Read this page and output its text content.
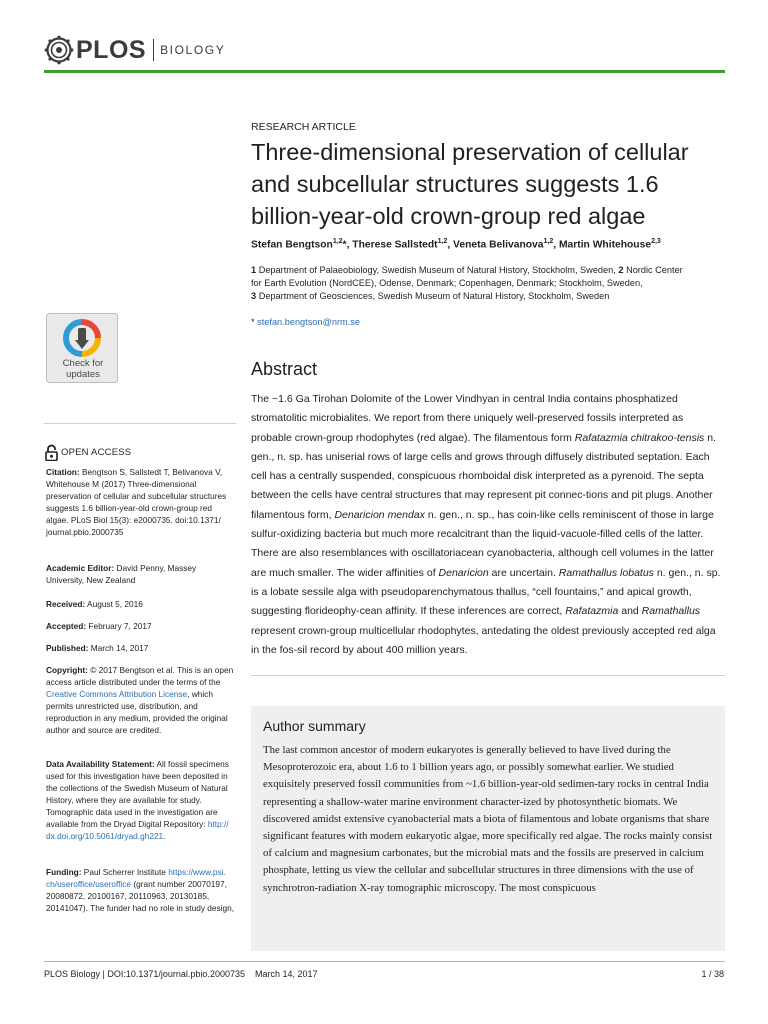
PLOS BIOLOGY
RESEARCH ARTICLE
Three-dimensional preservation of cellular and subcellular structures suggests 1.6 billion-year-old crown-group red algae
Stefan Bengtson$^{1,2}$*, Therese Sallstedt$^{1,2}$, Veneta Belivanova$^{1,2}$, Martin Whitehouse$^{2,3}$
1 Department of Palaeobiology, Swedish Museum of Natural History, Stockholm, Sweden, 2 Nordic Center
for Earth Evolution (NordCEE), Odense, Denmark; Copenhagen, Denmark; Stockholm, Sweden,
3 Department of Geosciences, Swedish Museum of Natural History, Stockholm, Sweden
* stefan.bengtson@nrm.se
Abstract

The ~1.6 Ga Tirohan Dolomite of the Lower Vindhyan in central India contains phosphatized stromatolitic microbialites. We report from there uniquely well-preserved fossils interpreted as probable crown-group rhodophytes (red algae). The filamentous form Rafatazmia chitrakoo-tensis n. gen., n. sp. has uniserial rows of large cells and grows through diffusely distributed septation. Each cell has a centrally suspended, conspicuous rhomboidal disk interpreted as a pyrenoid. The septa between the cells have central structures that may represent pit connec-tions and pit plugs. Another filamentous form, Denaricion mendax n. gen., n. sp., has coin-like cells reminiscent of those in large sulfur-oxidizing bacteria but much more recalcitrant than the liquid-vacuole-filled cells of the latter. There are also resemblances with oscillatoriacean cyanobacteria, although cell volumes in the latter are much smaller. The wider affinities of Denaricion are uncertain. Ramathallus lobatus n. gen., n. sp. is a lobate sessile alga with pseudoparenchymatous thallus, “cell fountains,” and apical growth, suggesting florideophy-cean affinity. If these inferences are correct, Rafatazmia and Ramathallus represent crown-group multicellular rhodophytes, antedating the oldest previously accepted red alga in the fos-sil record by about 400 million years.

Author summary

The last common ancestor of modern eukaryotes is generally believed to have lived during the Mesoproterozoic era, about 1.6 to 1 billion years ago, or possibly somewhat earlier. We studied exquisitely preserved fossil communities from ~1.6 billion-year-old sedimen-tary rocks in central India representing a shallow-water marine environment character-ized by photosynthetic biomats. We discovered amidst extensive cyanobacterial mats a biota of filamentous and lobate organisms that share significant features with modern eukaryotic algae, more specifically red algae. The rocks mainly consist of calcium and magnesium carbonates, but the microbial mats and the fossils are preserved in calcium phosphate, letting us view the cellular and subcellular structures in three dimensions with the use of synchrotron-radiation X-ray tomographic microscopy. The most conspicuous

Check for
updates
OPEN ACCESS
Citation: Bengtson S, Sallstedt T, Belivanova V, Whitehouse M (2017) Three-dimensional preservation of cellular and subcellular structures suggests 1.6 billion-year-old crown-group red algae. PLoS Biol 15(3): e2000735. doi:10.1371/ journal.pbio.2000735
Academic Editor: David Penny, Massey University, New Zealand
Received: August 5, 2016
Accepted: February 7, 2017
Published: March 14, 2017
Copyright: © 2017 Bengtson et al. This is an open access article distributed under the terms of the Creative Commons Attribution License, which permits unrestricted use, distribution, and reproduction in any medium, provided the original author and source are credited.
Data Availability Statement: All fossil specimens used for this investigation have been deposited in the collections of the Swedish Museum of Natural History, where they are available for study. Tomographic data used in the investigation are available from the Dryad Digital Repository: http:// dx.doi.org/10.5061/dryad.gh221.
Funding: Paul Scherrer Institute https://www.psi. ch/useroffice/useroffice (grant number 20070197, 20080872, 20100167, 20110963, 20130185, 20141047). The funder had no role in study design,
PLOS Biology | DOI:10.1371/journal.pbio.2000735    March 14, 2017	1 / 38
